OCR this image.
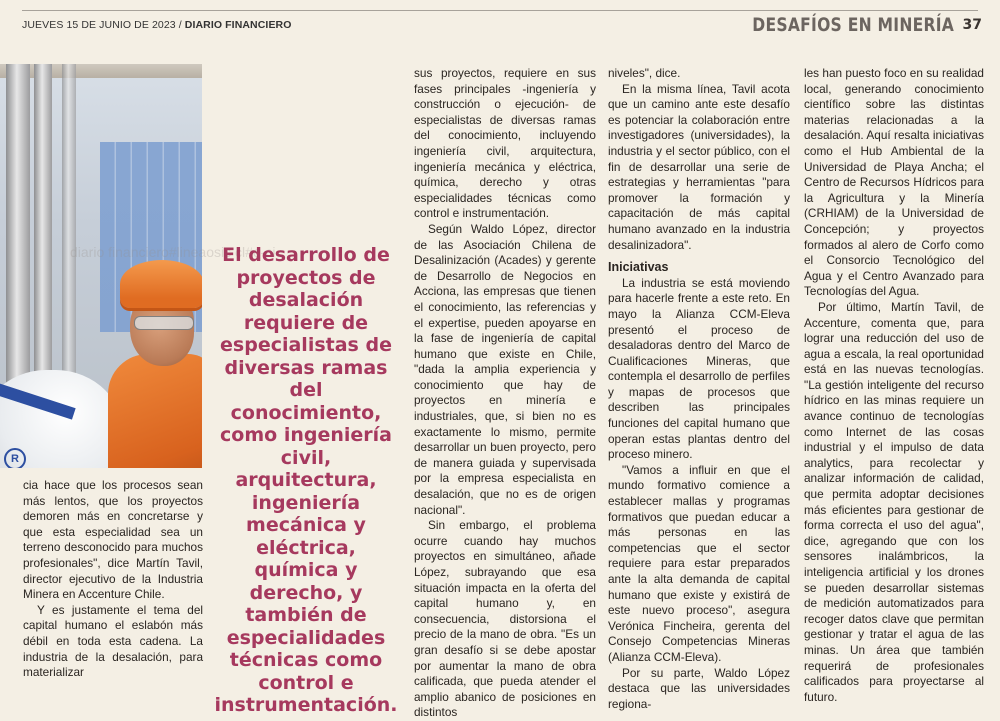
JUEVES 15 DE JUNIO DE 2023 / DIARIO FINANCIERO	DESAFÍOS EN MINERÍA 37
R
diario financiero#lineaosis cl#e-ci

El desarrollo de proyectos de desalación requiere de especialistas de diversas ramas del conocimiento, como ingeniería civil, arquitectura, ingeniería mecánica y eléctrica, química y derecho, y también de especialidades técnicas como control e instrumentación.

cia hace que los procesos sean más lentos, que los proyectos demoren más en concretarse y que esta especialidad sea un terreno desconocido para muchos profesionales", dice Martín Tavil, director ejecutivo de la Industria Minera en Accenture Chile.

Y es justamente el tema del capital humano el eslabón más débil en toda esta cadena. La industria de la desalación, para materializar

sus proyectos, requiere en sus fases principales -ingeniería y construcción o ejecución- de especialistas de diversas ramas del conocimiento, incluyendo ingeniería civil, arquitectura, ingeniería mecánica y eléctrica, química, derecho y otras especialidades técnicas como control e instrumentación.

Según Waldo López, director de las Asociación Chilena de Desalinización (Acades) y gerente de Desarrollo de Negocios en Acciona, las empresas que tienen el conocimiento, las referencias y el expertise, pueden apoyarse en la fase de ingeniería de capital humano que existe en Chile, "dada la amplia experiencia y conocimiento que hay de proyectos en minería e industriales, que, si bien no es exactamente lo mismo, permite desarrollar un buen proyecto, pero de manera guiada y supervisada por la empresa especialista en desalación, que no es de origen nacional".

Sin embargo, el problema ocurre cuando hay muchos proyectos en simultáneo, añade López, subrayando que esa situación impacta en la oferta del capital humano y, en consecuencia, distorsiona el precio de la mano de obra. "Es un gran desafío si se debe apostar por aumentar la mano de obra calificada, que pueda atender el amplio abanico de posiciones en distintos

niveles", dice.

En la misma línea, Tavil acota que un camino ante este desafío es potenciar la colaboración entre investigadores (universidades), la industria y el sector público, con el fin de desarrollar una serie de estrategias y herramientas "para promover la formación y capacitación de más capital humano avanzado en la industria desalinizadora".

Iniciativas

La industria se está moviendo para hacerle frente a este reto. En mayo la Alianza CCM-Eleva presentó el proceso de desaladoras dentro del Marco de Cualificaciones Mineras, que contempla el desarrollo de perfiles y mapas de procesos que describen las principales funciones del capital humano que operan estas plantas dentro del proceso minero.

"Vamos a influir en que el mundo formativo comience a establecer mallas y programas formativos que puedan educar a más personas en las competencias que el sector requiere para estar preparados ante la alta demanda de capital humano que existe y existirá de este nuevo proceso", asegura Verónica Fincheira, gerenta del Consejo Competencias Mineras (Alianza CCM-Eleva).

Por su parte, Waldo López destaca que las universidades regiona-

les han puesto foco en su realidad local, generando conocimiento científico sobre las distintas materias relacionadas a la desalación. Aquí resalta iniciativas como el Hub Ambiental de la Universidad de Playa Ancha; el Centro de Recursos Hídricos para la Agricultura y la Minería (CRHIAM) de la Universidad de Concepción; y proyectos formados al alero de Corfo como el Consorcio Tecnológico del Agua y el Centro Avanzado para Tecnologías del Agua.

Por último, Martín Tavil, de Accenture, comenta que, para lograr una reducción del uso de agua a escala, la real oportunidad está en las nuevas tecnologías. "La gestión inteligente del recurso hídrico en las minas requiere un avance continuo de tecnologías como Internet de las cosas industrial y el impulso de data analytics, para recolectar y analizar información de calidad, que permita adoptar decisiones más eficientes para gestionar de forma correcta el uso del agua", dice, agregando que con los sensores inalámbricos, la inteligencia artificial y los drones se pueden desarrollar sistemas de medición automatizados para recoger datos clave que permitan gestionar y tratar el agua de las minas. Un área que también requerirá de profesionales calificados para proyectarse al futuro.
